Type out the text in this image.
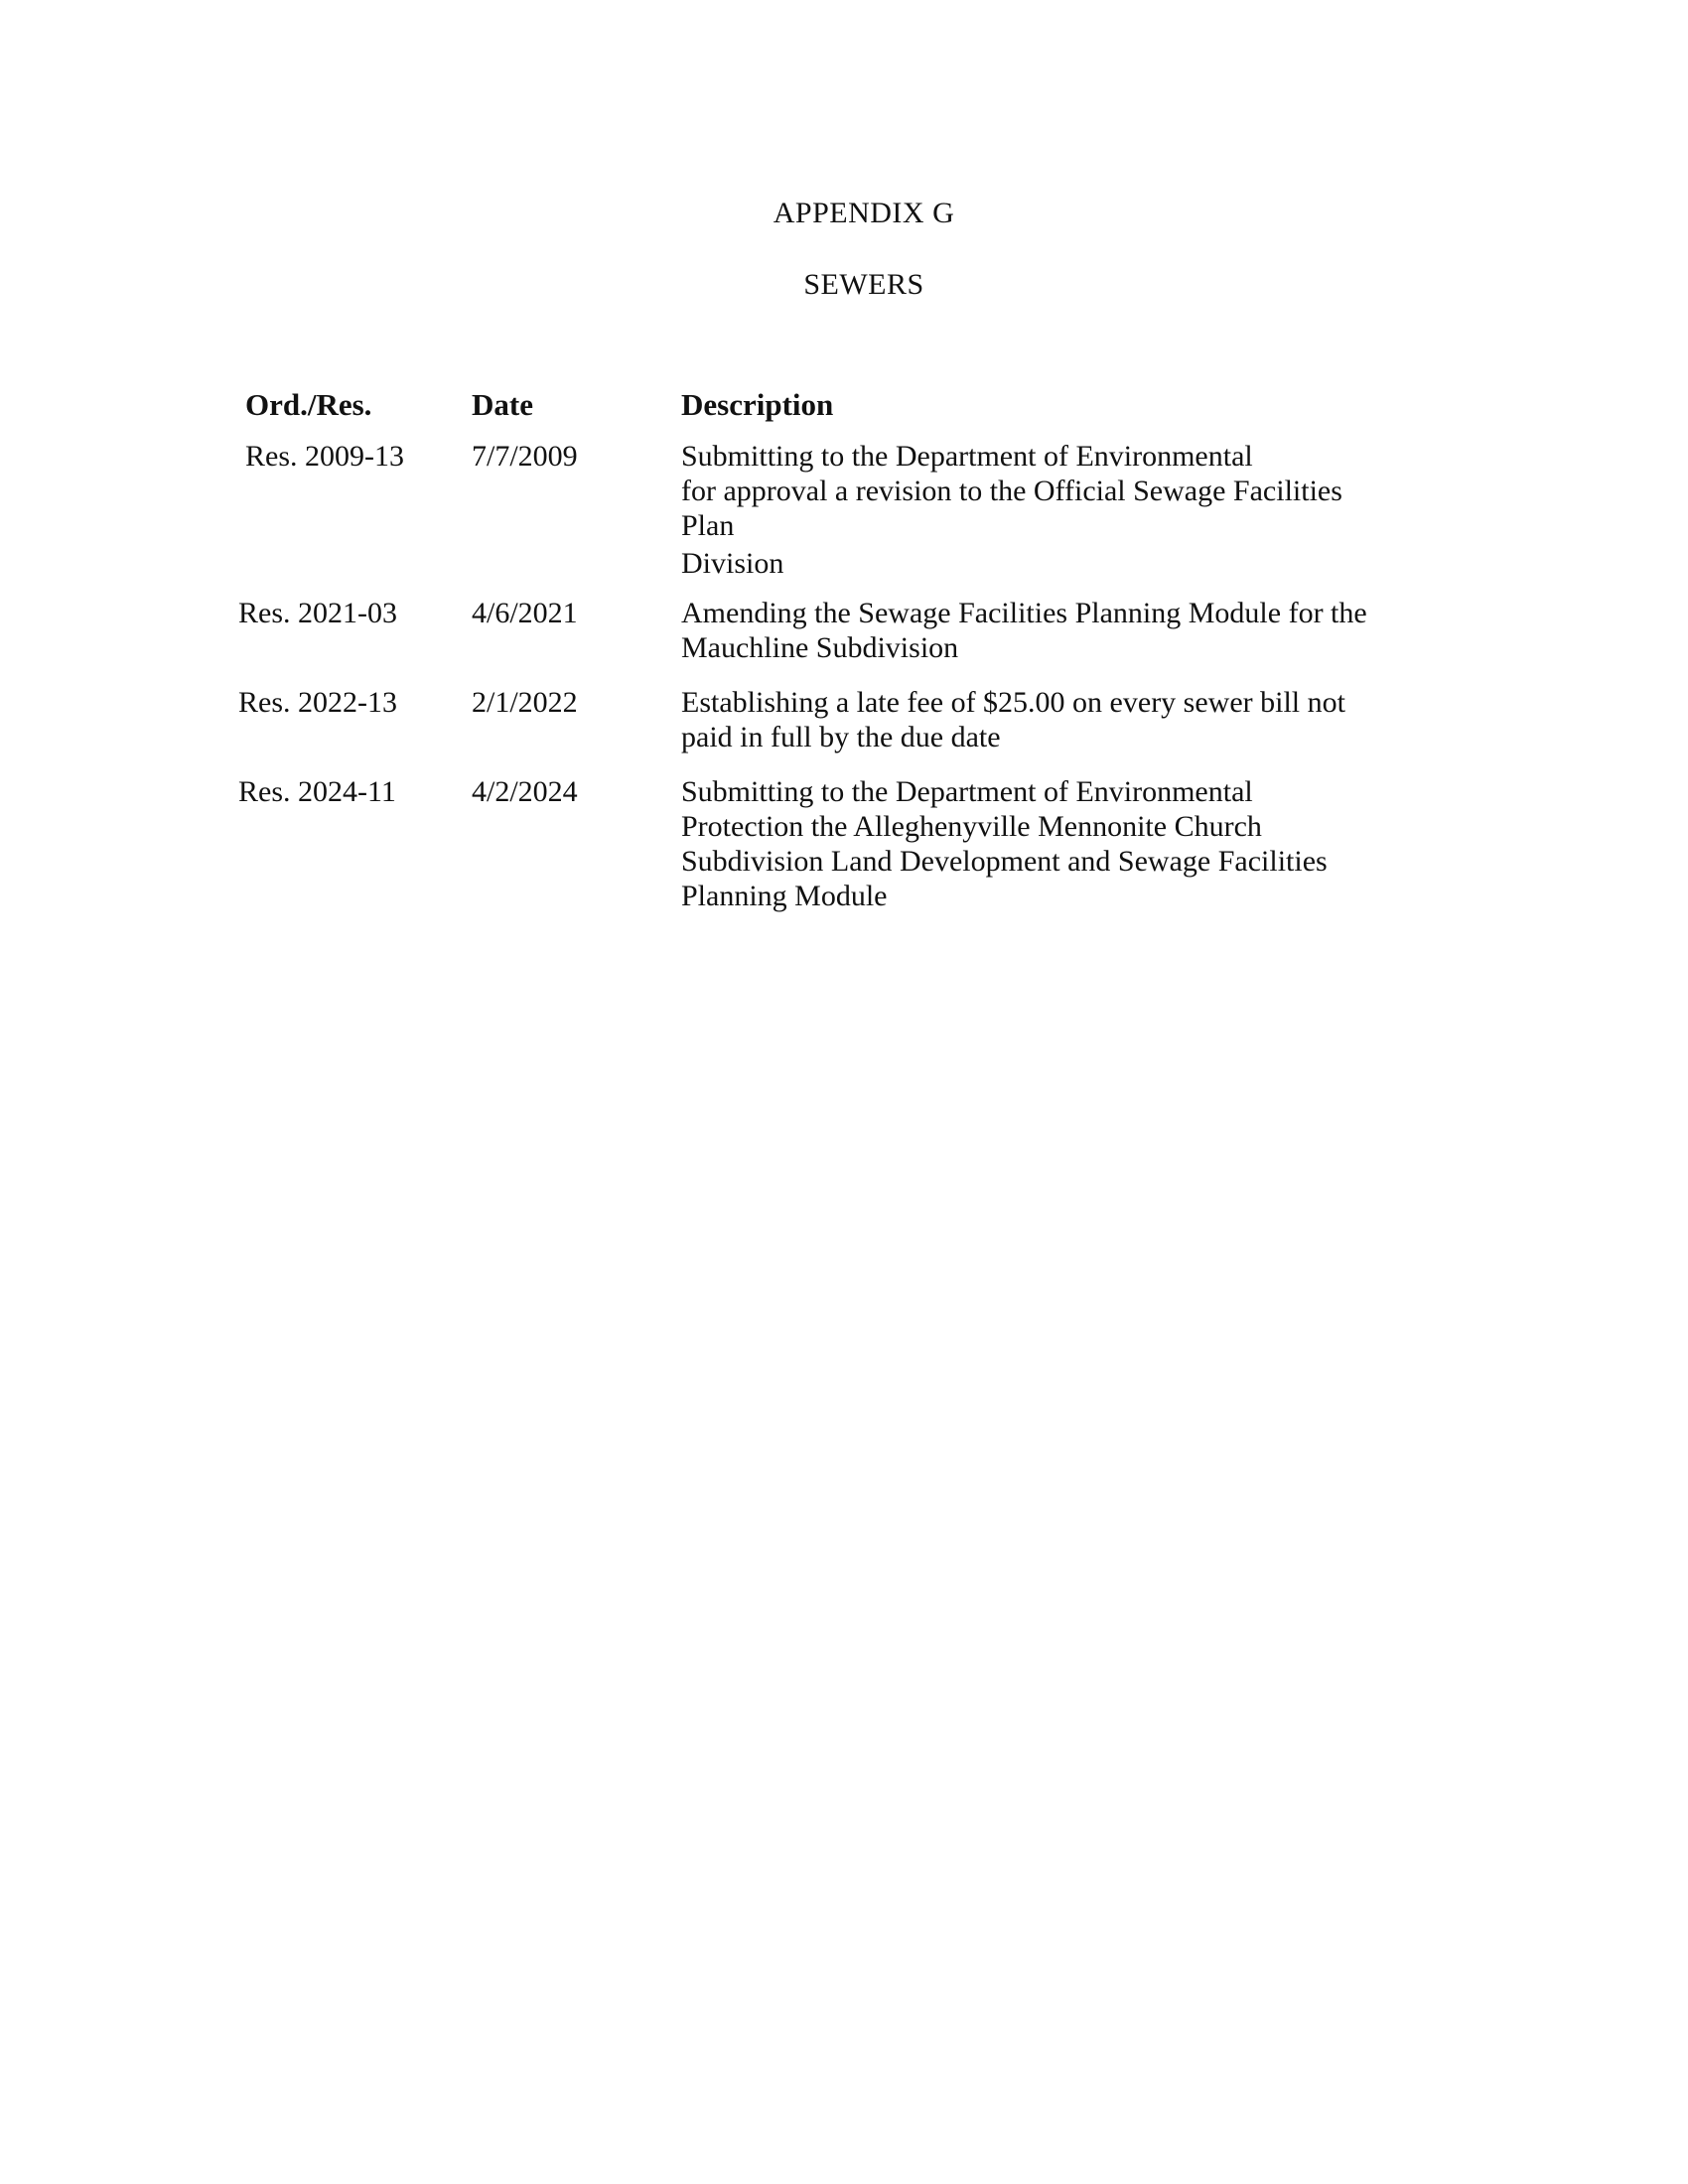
APPENDIX G
SEWERS
Ord./Res.	Date	Description
Res. 2009-13 7/7/2009	Submitting to the Department of Environmental
for approval a revision to the Official Sewage Facilities
Plan
Division
Res. 2021-03	4/6/2021	Amending the Sewage Facilities Planning Module for the
Mauchline Subdivision
Res. 2022-13	2/1/2022	Establishing a late fee of $25.00 on every sewer bill not
paid in full by the due date
Res. 2024-11	4/2/2024	Submitting to the Department of Environmental
Protection the Alleghenyville Mennonite Church
Subdivision Land Development and Sewage Facilities
Planning Module
